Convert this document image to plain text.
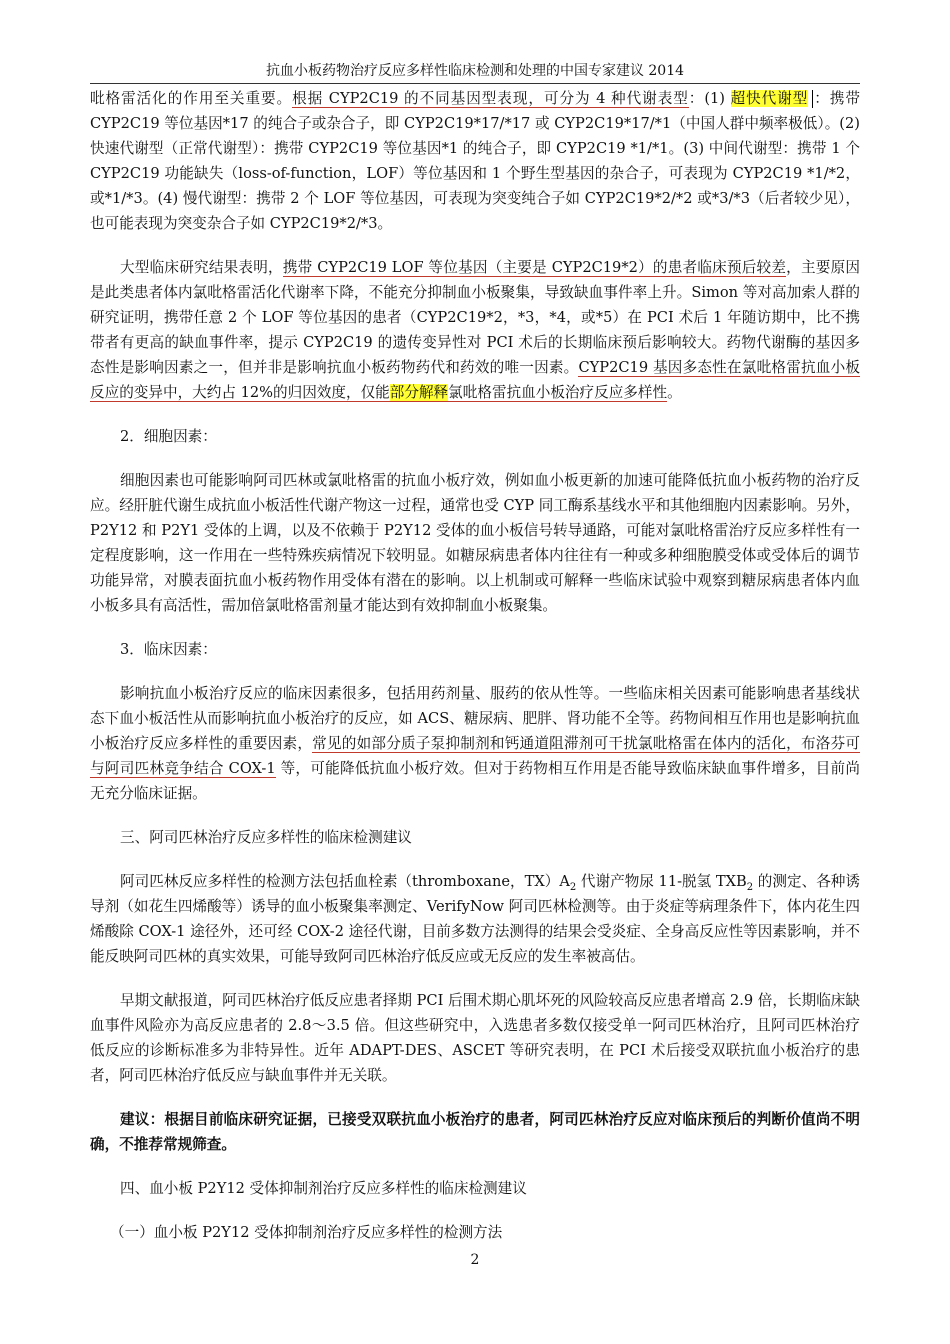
抗血小板药物治疗反应多样性临床检测和处理的中国专家建议 2014

吡格雷活化的作用至关重要。根据 CYP2C19 的不同基因型表现，可分为 4 种代谢表型：(1) 超快代谢型 ：携带 CYP2C19 等位基因*17 的纯合子或杂合子，即 CYP2C19*17/*17 或 CYP2C19*17/*1（中国人群中频率极低）。(2) 快速代谢型（正常代谢型）：携带 CYP2C19 等位基因*1 的纯合子，即 CYP2C19 *1/*1。(3) 中间代谢型：携带 1 个 CYP2C19 功能缺失（loss-of-function，LOF）等位基因和 1 个野生型基因的杂合子，可表现为 CYP2C19 *1/*2，或*1/*3。(4) 慢代谢型：携带 2 个 LOF 等位基因，可表现为突变纯合子如 CYP2C19*2/*2 或*3/*3（后者较少见），也可能表现为突变杂合子如 CYP2C19*2/*3。

大型临床研究结果表明，携带 CYP2C19 LOF 等位基因（主要是 CYP2C19*2）的患者临床预后较差，主要原因是此类患者体内氯吡格雷活化代谢率下降，不能充分抑制血小板聚集，导致缺血事件率上升。Simon 等对高加索人群的研究证明，携带任意 2 个 LOF 等位基因的患者（CYP2C19*2，*3，*4，或*5）在 PCI 术后 1 年随访期中，比不携带者有更高的缺血事件率，提示 CYP2C19 的遗传变异性对 PCI 术后的长期临床预后影响较大。药物代谢酶的基因多态性是影响因素之一，但并非是影响抗血小板药物药代和药效的唯一因素。CYP2C19 基因多态性在氯吡格雷抗血小板反应的变异中，大约占 12%的归因效度，仅能部分解释氯吡格雷抗血小板治疗反应多样性。

2．细胞因素：

细胞因素也可能影响阿司匹林或氯吡格雷的抗血小板疗效，例如血小板更新的加速可能降低抗血小板药物的治疗反应。经肝脏代谢生成抗血小板活性代谢产物这一过程，通常也受 CYP 同工酶系基线水平和其他细胞内因素影响。另外，P2Y12 和 P2Y1 受体的上调，以及不依赖于 P2Y12 受体的血小板信号转导通路，可能对氯吡格雷治疗反应多样性有一定程度影响，这一作用在一些特殊疾病情况下较明显。如糖尿病患者体内往往有一种或多种细胞膜受体或受体后的调节功能异常，对膜表面抗血小板药物作用受体有潜在的影响。以上机制或可解释一些临床试验中观察到糖尿病患者体内血小板多具有高活性，需加倍氯吡格雷剂量才能达到有效抑制血小板聚集。

3．临床因素：

影响抗血小板治疗反应的临床因素很多，包括用药剂量、服药的依从性等。一些临床相关因素可能影响患者基线状态下血小板活性从而影响抗血小板治疗的反应，如 ACS、糖尿病、肥胖、肾功能不全等。药物间相互作用也是影响抗血小板治疗反应多样性的重要因素，常见的如部分质子泵抑制剂和钙通道阻滞剂可干扰氯吡格雷在体内的活化，布洛芬可与阿司匹林竞争结合 COX-1 等，可能降低抗血小板疗效。但对于药物相互作用是否能导致临床缺血事件增多，目前尚无充分临床证据。

三、阿司匹林治疗反应多样性的临床检测建议

阿司匹林反应多样性的检测方法包括血栓素（thromboxane，$TX)A_2$ 代谢产物尿 11-脱氢 $TXB_2$ 的测定、各种诱导剂（如花生四烯酸等）诱导的血小板聚集率测定、VerifyNow 阿司匹林检测等。由于炎症等病理条件下，体内花生四烯酸除 COX-1 途径外，还可经 COX-2 途径代谢，目前多数方法测得的结果会受炎症、全身高反应性等因素影响，并不能反映阿司匹林的真实效果，可能导致阿司匹林治疗低反应或无反应的发生率被高估。

早期文献报道，阿司匹林治疗低反应患者择期 PCI 后围术期心肌坏死的风险较高反应患者增高 2.9 倍，长期临床缺血事件风险亦为高反应患者的 2.8～3.5 倍。但这些研究中，入选患者多数仅接受单一阿司匹林治疗，且阿司匹林治疗低反应的诊断标准多为非特异性。近年 ADAPT-DES、ASCET 等研究表明，在 PCI 术后接受双联抗血小板治疗的患者，阿司匹林治疗低反应与缺血事件并无关联。

建议：根据目前临床研究证据，已接受双联抗血小板治疗的患者，阿司匹林治疗反应对临床预后的判断价值尚不明确，不推荐常规筛查。

四、血小板 P2Y12 受体抑制剂治疗反应多样性的临床检测建议

（一）血小板 P2Y12 受体抑制剂治疗反应多样性的检测方法

2
